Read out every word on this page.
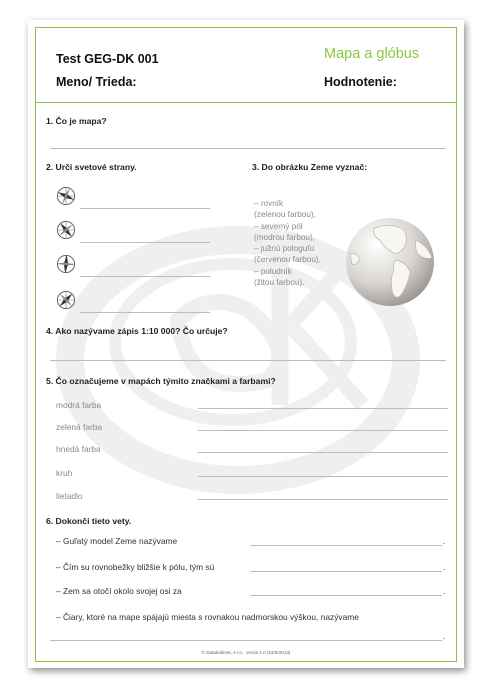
Test GEG-DK 001	Mapa a glóbus
Meno/ Trieda:	Hodnotenie:
1. Čo je mapa?
2. Urči svetové strany.	3. Do obrázku Zeme vyznač:
– rovník
(zelenou farbou),
– severný pól
(modrou farbou),
– južnú pologuľu
(červenou farbou),
– poludník
(žltou farbou).
4. Ako nazývame zápis 1:10 000? Čo určuje?
5. Čo označujeme v mapách týmito značkami a farbami?
modrá farba
zelená farba
hnedá farba
kruh
lietadlo
6. Dokonči tieto vety.
– Guľatý model Zeme nazývame	.
– Čím su rovnobežky bližšie k pólu, tým sú	.
– Zem sa otočí okolo svojej osi za	.
– Čiary, ktoré na mape spájajú miesta s rovnakou nadmorskou výškou, nazývame
.
© Datakabinet, s.r.o., verzia 1.0 (24/9/2013)
